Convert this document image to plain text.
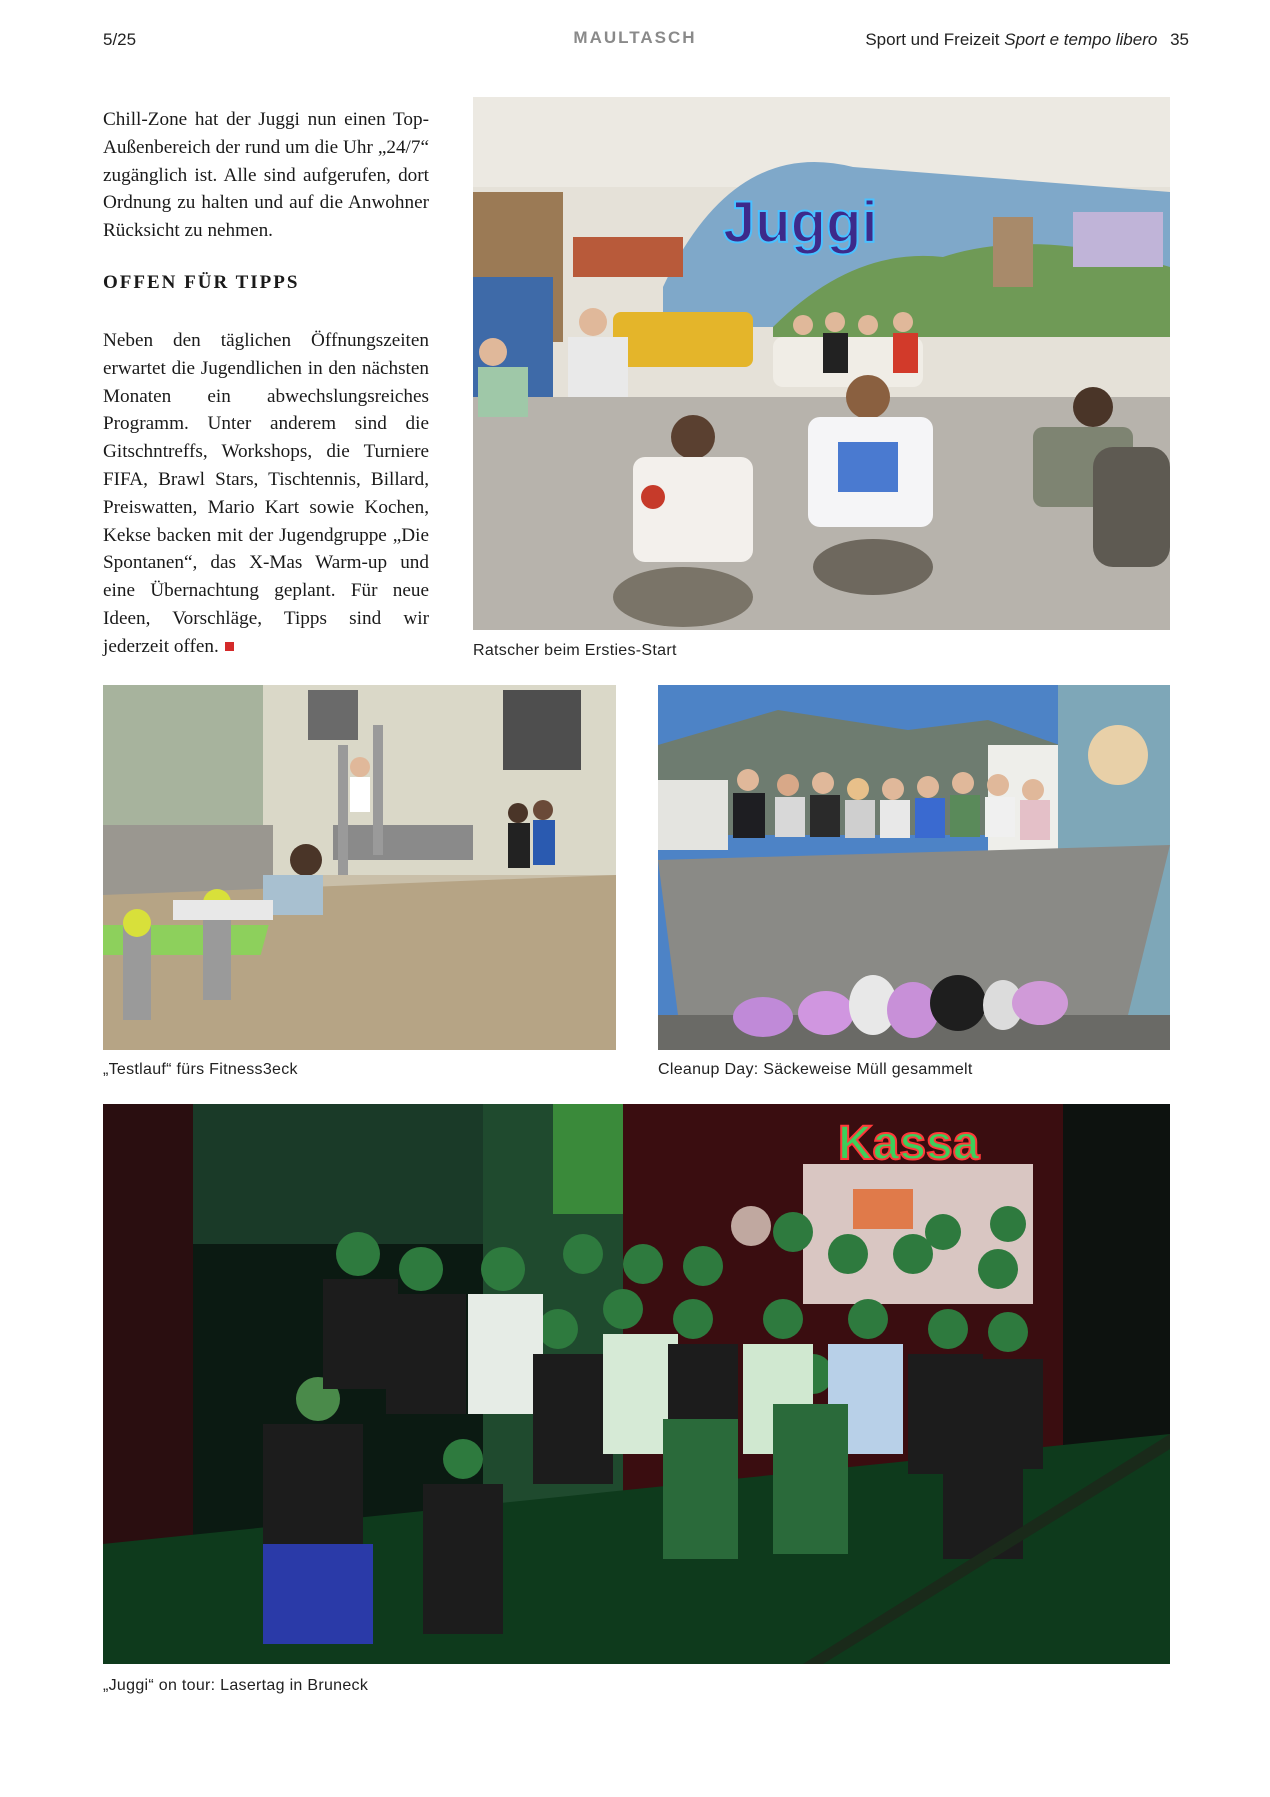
5/25	MAULTASCH	Sport und Freizeit Sport e tempo libero 35
Chill-Zone hat der Juggi nun einen Top-Außenbereich der rund um die Uhr „24/7“ zugänglich ist. Alle sind aufgerufen, dort Ordnung zu halten und auf die Anwohner Rücksicht zu nehmen.
OFFEN FÜR TIPPS
Neben den täglichen Öffnungszeiten erwartet die Jugendlichen in den nächsten Monaten ein abwechslungsreiches Programm. Unter anderem sind die Gitschntreffs, Workshops, die Turniere FIFA, Brawl Stars, Tischtennis, Billard, Preiswatten, Mario Kart sowie Kochen, Kekse backen mit der Jugendgruppe „Die Spontanen“, das X-Mas Warm-up und eine Übernachtung geplant. Für neue Ideen, Vorschläge, Tipps sind wir jederzeit offen.
Juggi
Ratscher beim Ersties-Start
„Testlauf“ fürs Fitness3eck	Cleanup Day: Säckeweise Müll gesammelt
Kassa
„Juggi“ on tour: Lasertag in Bruneck
